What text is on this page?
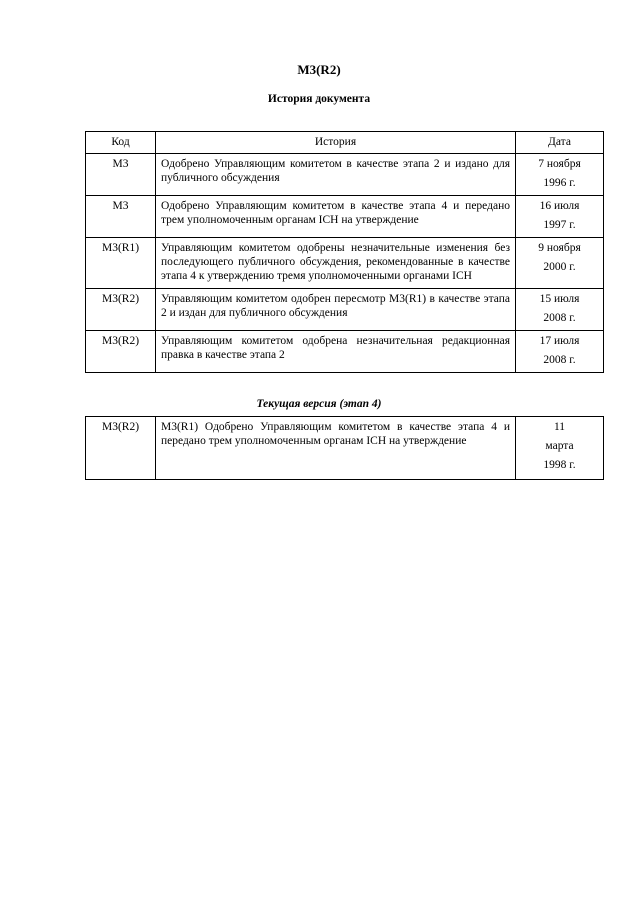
M3(R2)
История документа
Код	История	Дата
M3	Одобрено Управляющим комитетом в качестве этапа 2 и издано для публичного обсуждения	7 ноября
1996 г.

M3	Одобрено Управляющим комитетом в качестве этапа 4 и передано трем уполномоченным органам ICH на утверждение	16 июля
1997 г.

M3(R1)	Управляющим комитетом одобрены незначительные изменения без последующего публичного обсуждения, рекомендованные в качестве этапа 4 к утверждению тремя уполномоченными органами ICH	9 ноября
2000 г.

M3(R2)	Управляющим комитетом одобрен пересмотр M3(R1) в качестве этапа 2 и издан для публичного обсуждения	15 июля
2008 г.

M3(R2)	Управляющим комитетом одобрена незначительная редакционная правка в качестве этапа 2	17 июля
2008 г.
Текущая версия (этап 4)
M3(R2)	M3(R1) Одобрено Управляющим комитетом в качестве этапа 4 и передано трем уполномоченным органам ICH на утверждение	
11
марта
1998 г.
